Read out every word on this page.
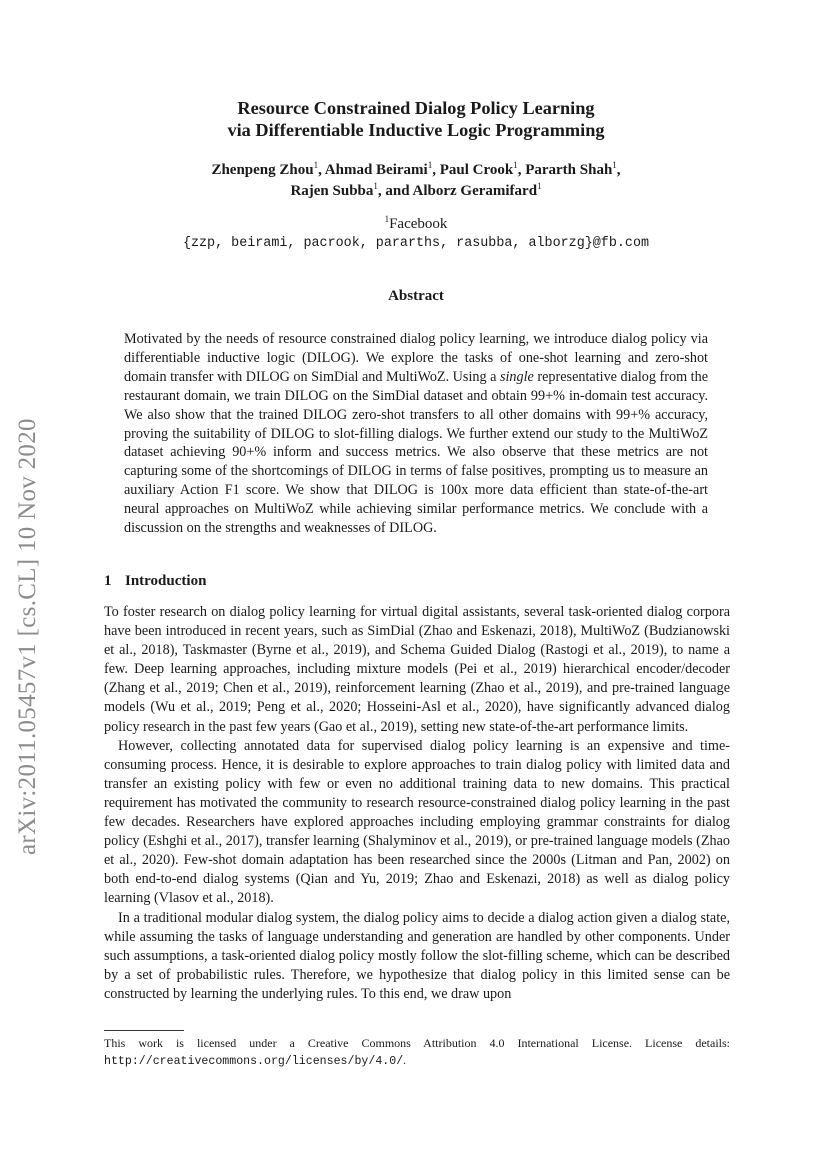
arXiv:2011.05457v1 [cs.CL] 10 Nov 2020
Resource Constrained Dialog Policy Learning
via Differentiable Inductive Logic Programming
Zhenpeng Zhou$^1$, Ahmad Beirami$^1$, Paul Crook$^1$, Pararth Shah$^1$,
Rajen Subba$^1$, and Alborz Geramifard$^1$
$^1$Facebook
{zzp, beirami, pacrook, pararths, rasubba, alborzg}@fb.com
Abstract
Motivated by the needs of resource constrained dialog policy learning, we introduce dialog policy via differentiable inductive logic (DILOG). We explore the tasks of one-shot learning and zero-shot domain transfer with DILOG on SimDial and MultiWoZ. Using a single representative dialog from the restaurant domain, we train DILOG on the SimDial dataset and obtain 99+% in-domain test accuracy. We also show that the trained DILOG zero-shot transfers to all other domains with 99+% accuracy, proving the suitability of DILOG to slot-filling dialogs. We further extend our study to the MultiWoZ dataset achieving 90+% inform and success metrics. We also observe that these metrics are not capturing some of the shortcomings of DILOG in terms of false positives, prompting us to measure an auxiliary Action F1 score. We show that DILOG is 100x more data efficient than state-of-the-art neural approaches on MultiWoZ while achieving similar performance metrics. We conclude with a discussion on the strengths and weaknesses of DILOG.
1 Introduction

To foster research on dialog policy learning for virtual digital assistants, several task-oriented dialog corpora have been introduced in recent years, such as SimDial (Zhao and Eskenazi, 2018), MultiWoZ (Budzianowski et al., 2018), Taskmaster (Byrne et al., 2019), and Schema Guided Dialog (Rastogi et al., 2019), to name a few. Deep learning approaches, including mixture models (Pei et al., 2019) hierarchical encoder/decoder (Zhang et al., 2019; Chen et al., 2019), reinforcement learning (Zhao et al., 2019), and pre-trained language models (Wu et al., 2019; Peng et al., 2020; Hosseini-Asl et al., 2020), have significantly advanced dialog policy research in the past few years (Gao et al., 2019), setting new state-of-the-art performance limits.

However, collecting annotated data for supervised dialog policy learning is an expensive and time-consuming process. Hence, it is desirable to explore approaches to train dialog policy with limited data and transfer an existing policy with few or even no additional training data to new domains. This practical requirement has motivated the community to research resource-constrained dialog policy learning in the past few decades. Researchers have explored approaches including employing grammar constraints for dialog policy (Eshghi et al., 2017), transfer learning (Shalyminov et al., 2019), or pre-trained language models (Zhao et al., 2020). Few-shot domain adaptation has been researched since the 2000s (Litman and Pan, 2002) on both end-to-end dialog systems (Qian and Yu, 2019; Zhao and Eskenazi, 2018) as well as dialog policy learning (Vlasov et al., 2018).

In a traditional modular dialog system, the dialog policy aims to decide a dialog action given a dialog state, while assuming the tasks of language understanding and generation are handled by other components. Under such assumptions, a task-oriented dialog policy mostly follow the slot-filling scheme, which can be described by a set of probabilistic rules. Therefore, we hypothesize that dialog policy in this limited sense can be constructed by learning the underlying rules. To this end, we draw upon

This work is licensed under a Creative Commons Attribution 4.0 International License. License details: http://creativecommons.org/licenses/by/4.0/.
